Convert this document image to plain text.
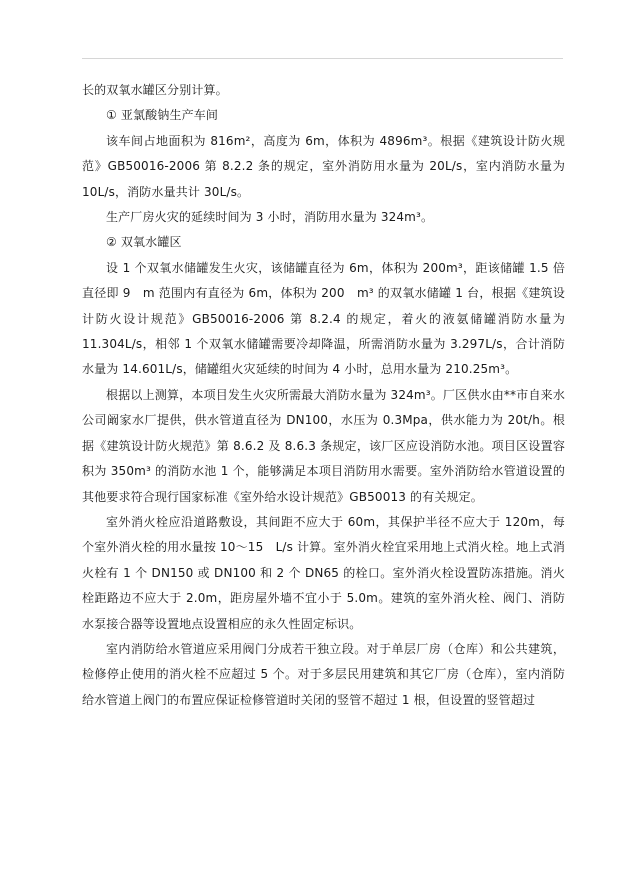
长的双氧水罐区分别计算。

① 亚氯酸钠生产车间

该车间占地面积为 816m²，高度为 6m，体积为 4896m³。根据《建筑设计防火规范》GB50016-2006 第 8.2.2 条的规定，室外消防用水量为 20L/s，室内消防水量为 10L/s，消防水量共计 30L/s。

生产厂房火灾的延续时间为 3 小时，消防用水量为 324m³。

② 双氧水罐区

设 1 个双氧水储罐发生火灾，该储罐直径为 6m，体积为 200m³，距该储罐 1.5 倍直径即 9　m 范围内有直径为 6m，体积为 200　m³ 的双氧水储罐 1 台，根据《建筑设计防火设计规范》GB50016-2006 第 8.2.4 的规定，着火的液氨储罐消防水量为 11.304L/s，相邻 1 个双氧水储罐需要冷却降温，所需消防水量为 3.297L/s，合计消防水量为 14.601L/s，储罐组火灾延续的时间为 4 小时，总用水量为 210.25m³。

根据以上测算，本项目发生火灾所需最大消防水量为 324m³。厂区供水由**市自来水公司阚家水厂提供，供水管道直径为 DN100，水压为 0.3Mpa，供水能力为 20t/h。根据《建筑设计防火规范》第 8.6.2 及 8.6.3 条规定，该厂区应设消防水池。项目区设置容积为 350m³ 的消防水池 1 个，能够满足本项目消防用水需要。室外消防给水管道设置的其他要求符合现行国家标准《室外给水设计规范》GB50013 的有关规定。

室外消火栓应沿道路敷设，其间距不应大于 60m，其保护半径不应大于 120m，每个室外消火栓的用水量按 10～15　L/s 计算。室外消火栓宜采用地上式消火栓。地上式消火栓有 1 个 DN150 或 DN100 和 2 个 DN65 的栓口。室外消火栓设置防冻措施。消火栓距路边不应大于 2.0m，距房屋外墙不宜小于 5.0m。建筑的室外消火栓、阀门、消防水泵接合器等设置地点设置相应的永久性固定标识。

室内消防给水管道应采用阀门分成若干独立段。对于单层厂房（仓库）和公共建筑，检修停止使用的消火栓不应超过 5 个。对于多层民用建筑和其它厂房（仓库），室内消防给水管道上阀门的布置应保证检修管道时关闭的竖管不超过 1 根，但设置的竖管超过
